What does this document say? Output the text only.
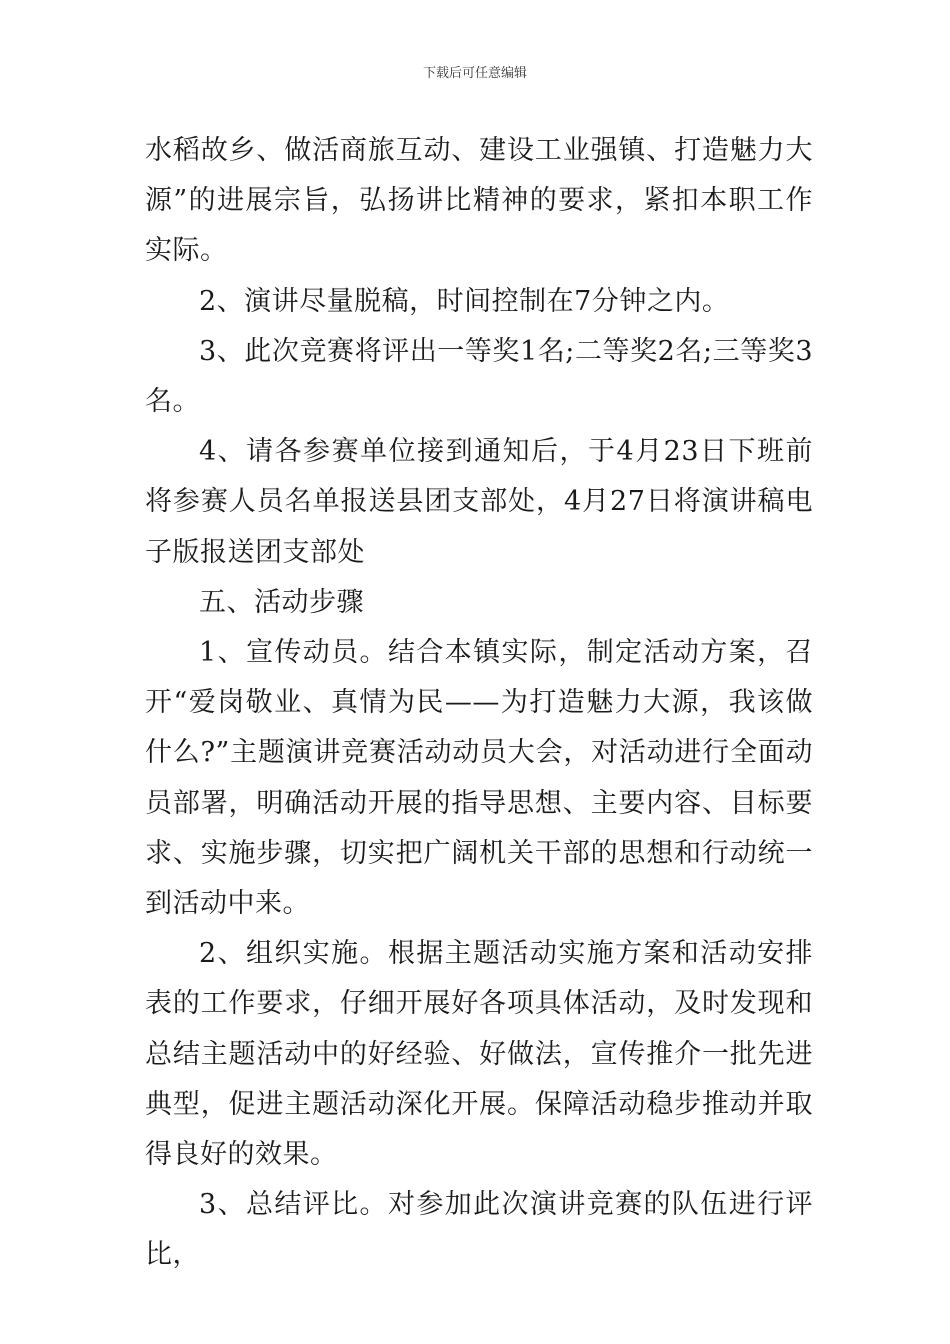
下载后可任意编辑

水稻故乡、做活商旅互动、建设工业强镇、打造魅力大源”的进展宗旨，弘扬讲比精神的要求，紧扣本职工作实际。

2、演讲尽量脱稿，时间控制在7分钟之内。

3、此次竞赛将评出一等奖1名;二等奖2名;三等奖3名。

4、请各参赛单位接到通知后，于4月23日下班前将参赛人员名单报送县团支部处，4月27日将演讲稿电子版报送团支部处

五、活动步骤

1、宣传动员。结合本镇实际，制定活动方案，召开“爱岗敬业、真情为民——为打造魅力大源，我该做什么?”主题演讲竞赛活动动员大会，对活动进行全面动员部署，明确活动开展的指导思想、主要内容、目标要求、实施步骤，切实把广阔机关干部的思想和行动统一到活动中来。

2、组织实施。根据主题活动实施方案和活动安排表的工作要求，仔细开展好各项具体活动，及时发现和总结主题活动中的好经验、好做法，宣传推介一批先进典型，促进主题活动深化开展。保障活动稳步推动并取得良好的效果。

3、总结评比。对参加此次演讲竞赛的队伍进行评比，
